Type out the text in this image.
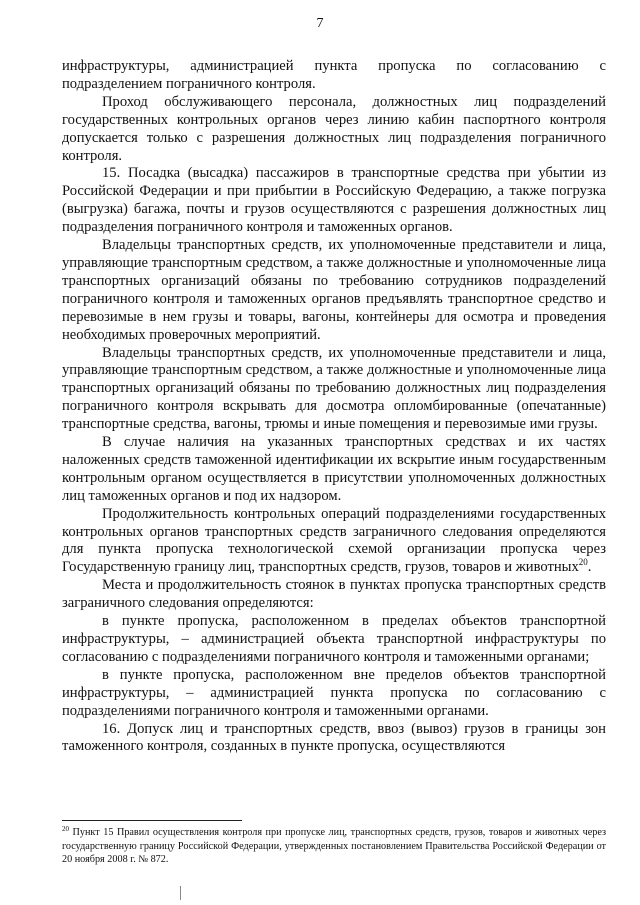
7

инфраструктуры, администрацией пункта пропуска по согласованию с подразделением пограничного контроля.

Проход обслуживающего персонала, должностных лиц подразделений государственных контрольных органов через линию кабин паспортного контроля допускается только с разрешения должностных лиц подразделения пограничного контроля.

15. Посадка (высадка) пассажиров в транспортные средства при убытии из Российской Федерации и при прибытии в Российскую Федерацию, а также погрузка (выгрузка) багажа, почты и грузов осуществляются с разрешения должностных лиц подразделения пограничного контроля и таможенных органов.

Владельцы транспортных средств, их уполномоченные представители и лица, управляющие транспортным средством, а также должностные и уполномоченные лица транспортных организаций обязаны по требованию сотрудников подразделений пограничного контроля и таможенных органов предъявлять транспортное средство и перевозимые в нем грузы и товары, вагоны, контейнеры для осмотра и проведения необходимых проверочных мероприятий.

Владельцы транспортных средств, их уполномоченные представители и лица, управляющие транспортным средством, а также должностные и уполномоченные лица транспортных организаций обязаны по требованию должностных лиц подразделения пограничного контроля вскрывать для досмотра опломбированные (опечатанные) транспортные средства, вагоны, трюмы и иные помещения и перевозимые ими грузы.

В случае наличия на указанных транспортных средствах и их частях наложенных средств таможенной идентификации их вскрытие иным государственным контрольным органом осуществляется в присутствии уполномоченных должностных лиц таможенных органов и под их надзором.

Продолжительность контрольных операций подразделениями государственных контрольных органов транспортных средств заграничного следования определяются для пункта пропуска технологической схемой организации пропуска через Государственную границу лиц, транспортных средств, грузов, товаров и животных$^{20}$.

Места и продолжительность стоянок в пунктах пропуска транспортных средств заграничного следования определяются:

в пункте пропуска, расположенном в пределах объектов транспортной инфраструктуры, – администрацией объекта транспортной инфраструктуры по согласованию с подразделениями пограничного контроля и таможенными органами;

в пункте пропуска, расположенном вне пределов объектов транспортной инфраструктуры, – администрацией пункта пропуска по согласованию с подразделениями пограничного контроля и таможенными органами.

16. Допуск лиц и транспортных средств, ввоз (вывоз) грузов в границы зон таможенного контроля, созданных в пункте пропуска, осуществляются

$^{20}$ Пункт 15 Правил осуществления контроля при пропуске лиц, транспортных средств, грузов, товаров и животных через государственную границу Российской Федерации, утвержденных постановлением Правительства Российской Федерации от 20 ноября 2008 г. № 872.
